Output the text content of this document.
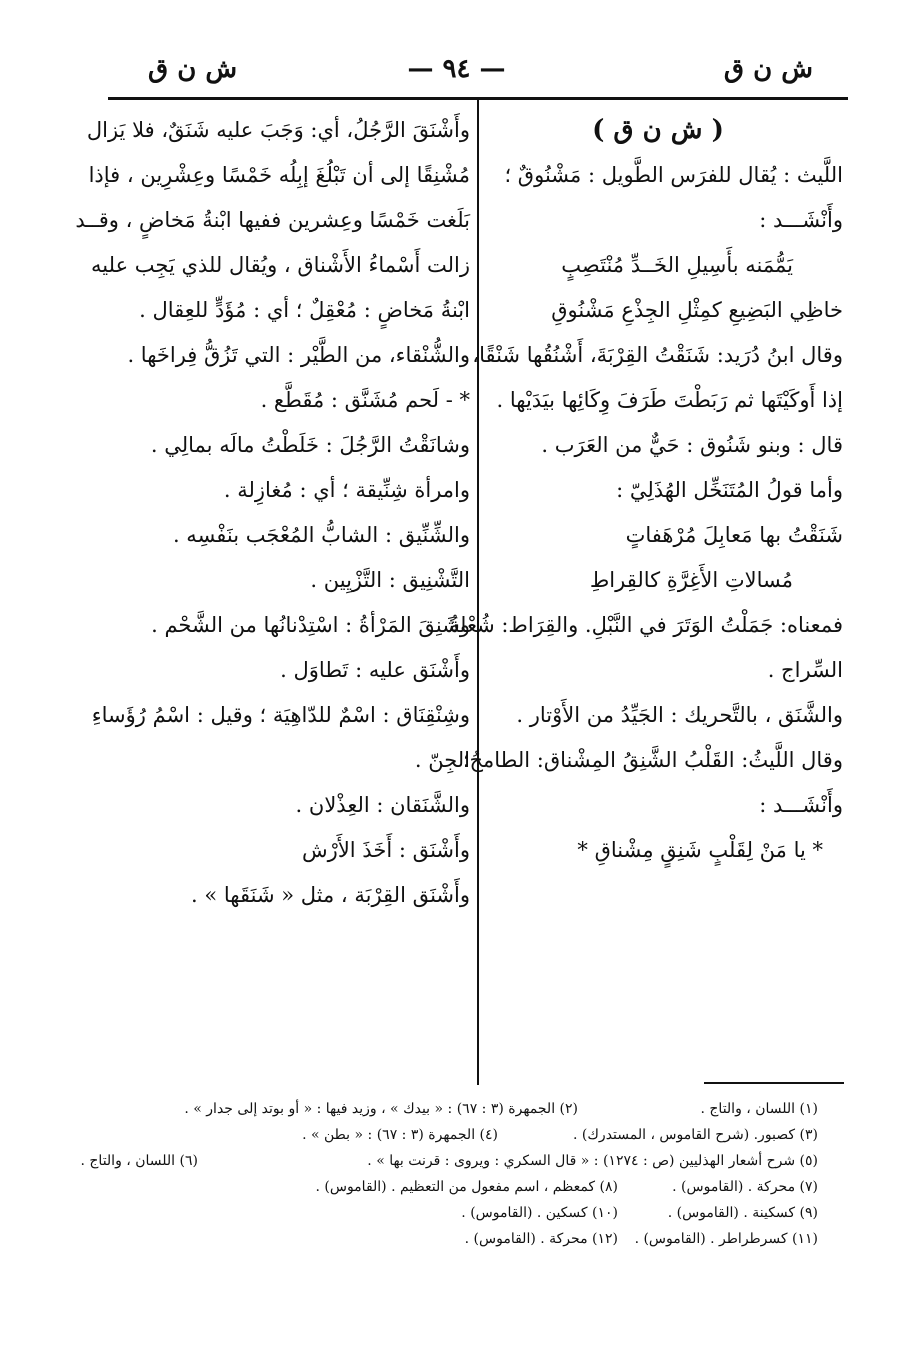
ش ن ق
— ٩٤ —
ش ن ق
( ش ن ق )
اللَّيث : يُقال للفرَس الطَّويل : مَشْنُوقٌ ؛
وأَنْشَـــد :
يَمُّمَنه بأَسِيلِ الخَــدِّ مُنْتَصِبٍ
خاظِي البَضِيعِ كمِثْلِ الجِذْعِ مَشْنُوقِ
وقال ابنُ دُرَيد: شَنَقْتُ القِرْبَةَ، أَشْنُقُها شَنْقًا،
إذا أَوكَيْتَها ثم رَبَطْتَ طَرَفَ وِكَائِها بيَدَيْها .
قال : وبنو شَنُوق : حَيٌّ من العَرَب .
وأما قولُ المُتَنَخِّل الهُذَلِيّ :
شَنَقْتُ بها مَعابِلَ مُرْهَفاتٍ
مُسالاتِ الأَغِرَّةِ كالقِراطِ
فمعناه: جَمَلْتُ الوَتَرَ في النَّبْلِ. والقِرَاط: شُعْلةُ
السِّراج .
والشَّنَق ، بالتَّحريك : الجَيِّدُ من الأَوْتار .
وقال اللَّيثُ: القَلْبُ الشَّنِقُ المِشْناق: الطامحُ؛
وأَنْشَـــد :
* يا مَنْ لِقَلْبٍ شَنِقٍ مِشْناقِ *
وأَشْنَقَ الرَّجُلُ، أي: وَجَبَ عليه شَنَقٌ، فلا يَزال
مُشْنِقًا إلى أن تَبْلُغَ إبِلُه خَمْسًا وعِشْرِين ، فإذا
بَلَغت خَمْسًا وعِشرين ففيها ابْنةُ مَخاضٍ ، وقــد
زالت أَسْماءُ الأَشْناق ، ويُقال للذي يَجِب عليه
ابْنةُ مَخاضٍ : مُعْقِلٌ ؛ أي : مُؤَدٍّ للعِقال .
والشُّنْقاء، من الطَّيْر : التي تَزُقُّ فِراخَها .
* - لَحم مُشَنَّق : مُقَطَّع .
وشانَقْتُ الرَّجُلَ : خَلَطْتُ مالَه بمالِي .
وامرأة شِنِّيقة ؛ أي : مُغازِلة .
والشِّنِّيق : الشابُّ المُعْجَب بنَفْسِه .
التَّشْنِيق : التَّزْيِين .
وشَنِقَ المَرْأةُ : اسْتِدْنانُها من الشَّحْم .
وأَشْنَق عليه : تَطاوَل .
وشِنْقِنَاق : اسْمٌ للدّاهِيَة ؛ وقيل : اسْمُ رُؤَساءِ
الجِنّ .
والشَّنَقان : العِذْلان .
وأَشْنَق : أَخَذَ الأَرْش
وأَشْنَق القِرْبَة ، مثل « شَنَقَها » .
(١) اللسان ، والتاج .
(٢) الجمهرة (٣ : ٦٧) : « بيدك » ، وزيد فيها : « أو بوتد إلى جدار » .
(٣) كصبور. (شرح القاموس ، المستدرك) .
(٤) الجمهرة (٣ : ٦٧) : « بطن » .
(٥) شرح أشعار الهذليين (ص : ١٢٧٤) : « قال السكري : ويروى : قرنت بها » .
(٦) اللسان ، والتاج .
(٧) محركة . (القاموس) .
(٨) كمعظم ، اسم مفعول من التعظيم . (القاموس) .
(٩) كسكينة . (القاموس) .
(١٠) كسكين . (القاموس) .
(١١) كسرطراطر . (القاموس) .
(١٢) محركة . (القاموس) .
